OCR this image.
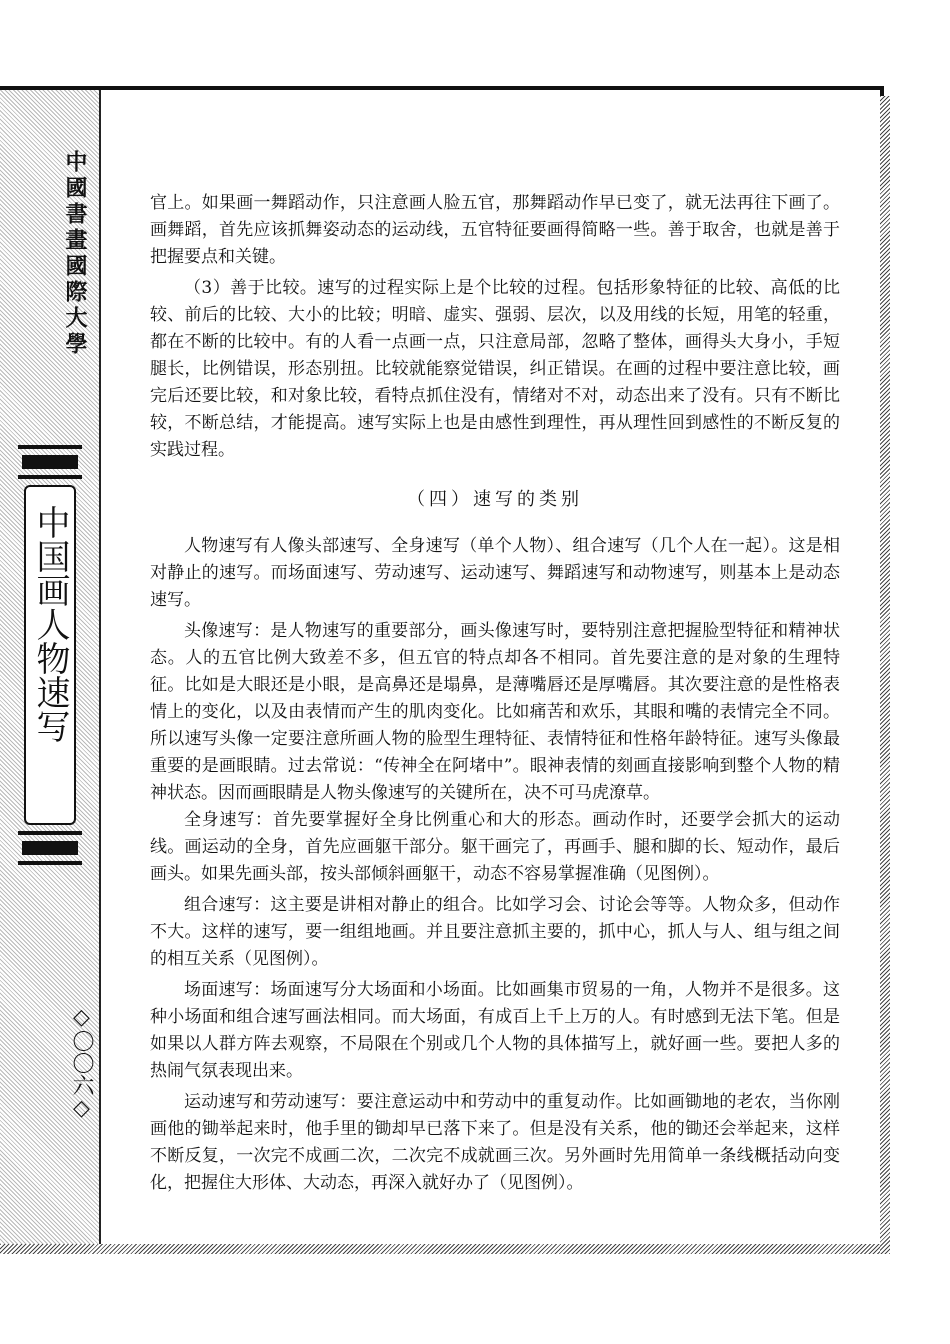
中國書畫國際大學
中国画人物速写
◇〇〇六◇

官上。如果画一舞蹈动作，只注意画人脸五官，那舞蹈动作早已变了，就无法再往下画了。画舞蹈，首先应该抓舞姿动态的运动线，五官特征要画得简略一些。善于取舍，也就是善于把握要点和关键。

（3）善于比较。速写的过程实际上是个比较的过程。包括形象特征的比较、高低的比较、前后的比较、大小的比较；明暗、虚实、强弱、层次，以及用线的长短，用笔的轻重，都在不断的比较中。有的人看一点画一点，只注意局部，忽略了整体，画得头大身小，手短腿长，比例错误，形态别扭。比较就能察觉错误，纠正错误。在画的过程中要注意比较，画完后还要比较，和对象比较，看特点抓住没有，情绪对不对，动态出来了没有。只有不断比较，不断总结，才能提高。速写实际上也是由感性到理性，再从理性回到感性的不断反复的实践过程。

（四）速写的类别

人物速写有人像头部速写、全身速写（单个人物）、组合速写（几个人在一起）。这是相对静止的速写。而场面速写、劳动速写、运动速写、舞蹈速写和动物速写，则基本上是动态速写。

头像速写：是人物速写的重要部分，画头像速写时，要特别注意把握脸型特征和精神状态。人的五官比例大致差不多，但五官的特点却各不相同。首先要注意的是对象的生理特征。比如是大眼还是小眼，是高鼻还是塌鼻，是薄嘴唇还是厚嘴唇。其次要注意的是性格表情上的变化，以及由表情而产生的肌肉变化。比如痛苦和欢乐，其眼和嘴的表情完全不同。所以速写头像一定要注意所画人物的脸型生理特征、表情特征和性格年龄特征。速写头像最重要的是画眼睛。过去常说：“传神全在阿堵中”。眼神表情的刻画直接影响到整个人物的精神状态。因而画眼睛是人物头像速写的关键所在，决不可马虎潦草。

全身速写：首先要掌握好全身比例重心和大的形态。画动作时，还要学会抓大的运动线。画运动的全身，首先应画躯干部分。躯干画完了，再画手、腿和脚的长、短动作，最后画头。如果先画头部，按头部倾斜画躯干，动态不容易掌握准确（见图例）。

组合速写：这主要是讲相对静止的组合。比如学习会、讨论会等等。人物众多，但动作不大。这样的速写，要一组组地画。并且要注意抓主要的，抓中心，抓人与人、组与组之间的相互关系（见图例）。

场面速写：场面速写分大场面和小场面。比如画集市贸易的一角，人物并不是很多。这种小场面和组合速写画法相同。而大场面，有成百上千上万的人。有时感到无法下笔。但是如果以人群方阵去观察，不局限在个别或几个人物的具体描写上，就好画一些。要把人多的热闹气氛表现出来。

运动速写和劳动速写：要注意运动中和劳动中的重复动作。比如画锄地的老农，当你刚画他的锄举起来时，他手里的锄却早已落下来了。但是没有关系，他的锄还会举起来，这样不断反复，一次完不成画二次，二次完不成就画三次。另外画时先用简单一条线概括动向变化，把握住大形体、大动态，再深入就好办了（见图例）。
